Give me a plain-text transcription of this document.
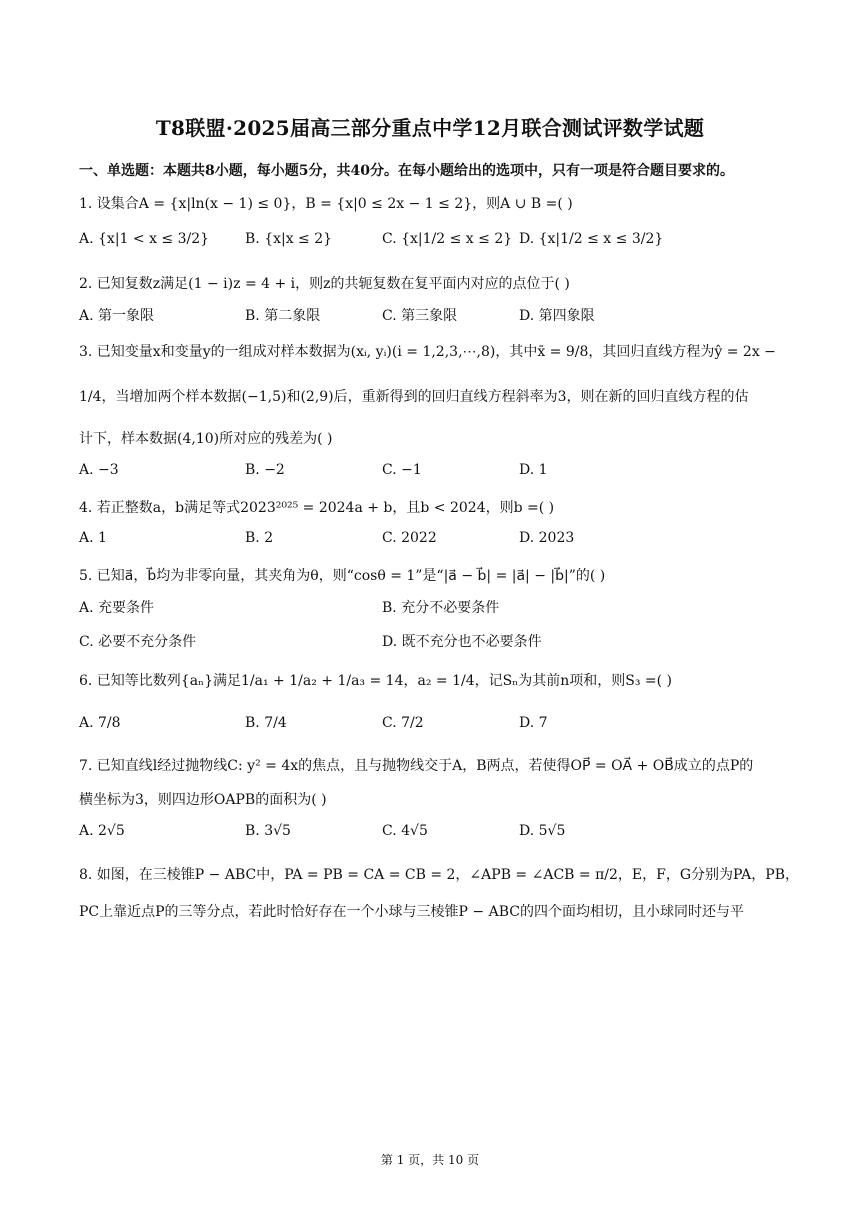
T8联盟·2025届高三部分重点中学12月联合测试评数学试题
一、单选题：本题共8小题，每小题5分，共40分。在每小题给出的选项中，只有一项是符合题目要求的。
1. 设集合A = {x|ln(x − 1) ≤ 0}，B = {x|0 ≤ 2x − 1 ≤ 2}，则A ∪ B =( )
A. {x|1 < x ≤ 3/2}	B. {x|x ≤ 2}	C. {x|1/2 ≤ x ≤ 2} D. {x|1/2 ≤ x ≤ 3/2}
2. 已知复数z满足(1 − i)z = 4 + i，则z的共轭复数在复平面内对应的点位于( )
A. 第一象限	B. 第二象限	C. 第三象限	D. 第四象限
3. 已知变量x和变量y的一组成对样本数据为(xᵢ, yᵢ)(i = 1,2,3,⋯,8)，其中x̄ = 9/8，其回归直线方程为ŷ = 2x −
1/4，当增加两个样本数据(−1,5)和(2,9)后，重新得到的回归直线方程斜率为3，则在新的回归直线方程的估
计下，样本数据(4,10)所对应的残差为( )
A. −3	B. −2	C. −1	D. 1
4. 若正整数a，b满足等式2023²⁰²⁵ = 2024a + b，且b < 2024，则b =( )
A. 1	B. 2	C. 2022	D. 2023
5. 已知a⃗，b⃗均为非零向量，其夹角为θ，则“cosθ = 1”是“|a⃗ − b⃗| = |a⃗| − |b⃗|”的( )
A. 充要条件	B. 充分不必要条件
C. 必要不充分条件	D. 既不充分也不必要条件
6. 已知等比数列{aₙ}满足1/a₁ + 1/a₂ + 1/a₃ = 14，a₂ = 1/4，记Sₙ为其前n项和，则S₃ =( )
A. 7/8	B. 7/4	C. 7/2	D. 7
7. 已知直线l经过抛物线C: y² = 4x的焦点，且与抛物线交于A，B两点，若使得OP⃗ = OA⃗ + OB⃗成立的点P的
横坐标为3，则四边形OAPB的面积为( )
A. 2√5	B. 3√5	C. 4√5	D. 5√5
8. 如图，在三棱锥P − ABC中，PA = PB = CA = CB = 2，∠APB = ∠ACB = π/2，E，F，G分别为PA，PB，
PC上靠近点P的三等分点，若此时恰好存在一个小球与三棱锥P − ABC的四个面均相切，且小球同时还与平
第 1 页，共 10 页
